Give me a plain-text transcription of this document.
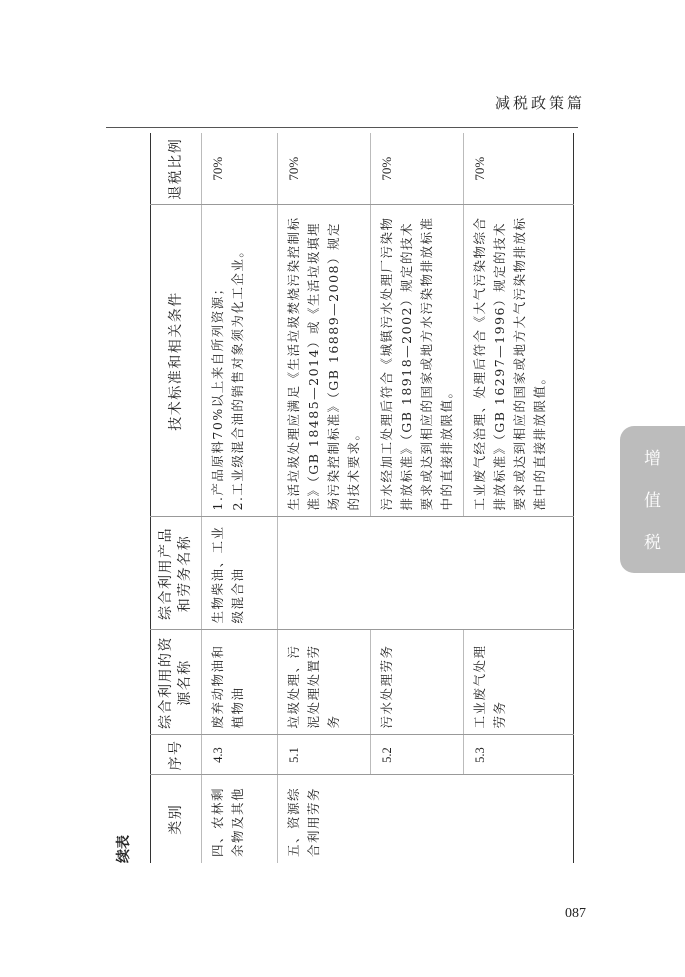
减税政策篇
增
值
税
087
续表
类别	序号	综合利用的资源名称	综合利用产品和劳务名称	技术标准和相关条件	退税比例
四、农林剩余物及其他	4.3	废弃动物油和植物油	生物柴油、工业级混合油	1.产品原料70%以上来自所列资源； 2.工业级混合油的销售对象须为化工企业。	70%
五、资源综合利用劳务	5.1	垃圾处理、污泥处理处置劳务		生活垃圾处理应满足《生活垃圾焚烧污染控制标准》（GB 18485—2014）或《生活垃圾填埋场污染控制标准》（GB 16889—2008）规定的技术要求。	70%
	5.2	污水处理劳务		污水经加工处理后符合《城镇污水处理厂污染物排放标准》（GB 18918—2002）规定的技术要求或达到相应的国家或地方水污染物排放标准中的直接排放限值。	70%
	5.3	工业废气处理劳务		工业废气经治理、处理后符合《大气污染物综合排放标准》（GB 16297—1996）规定的技术要求或达到相应的国家或地方大气污染物排放标准中的直接排放限值。	70%
